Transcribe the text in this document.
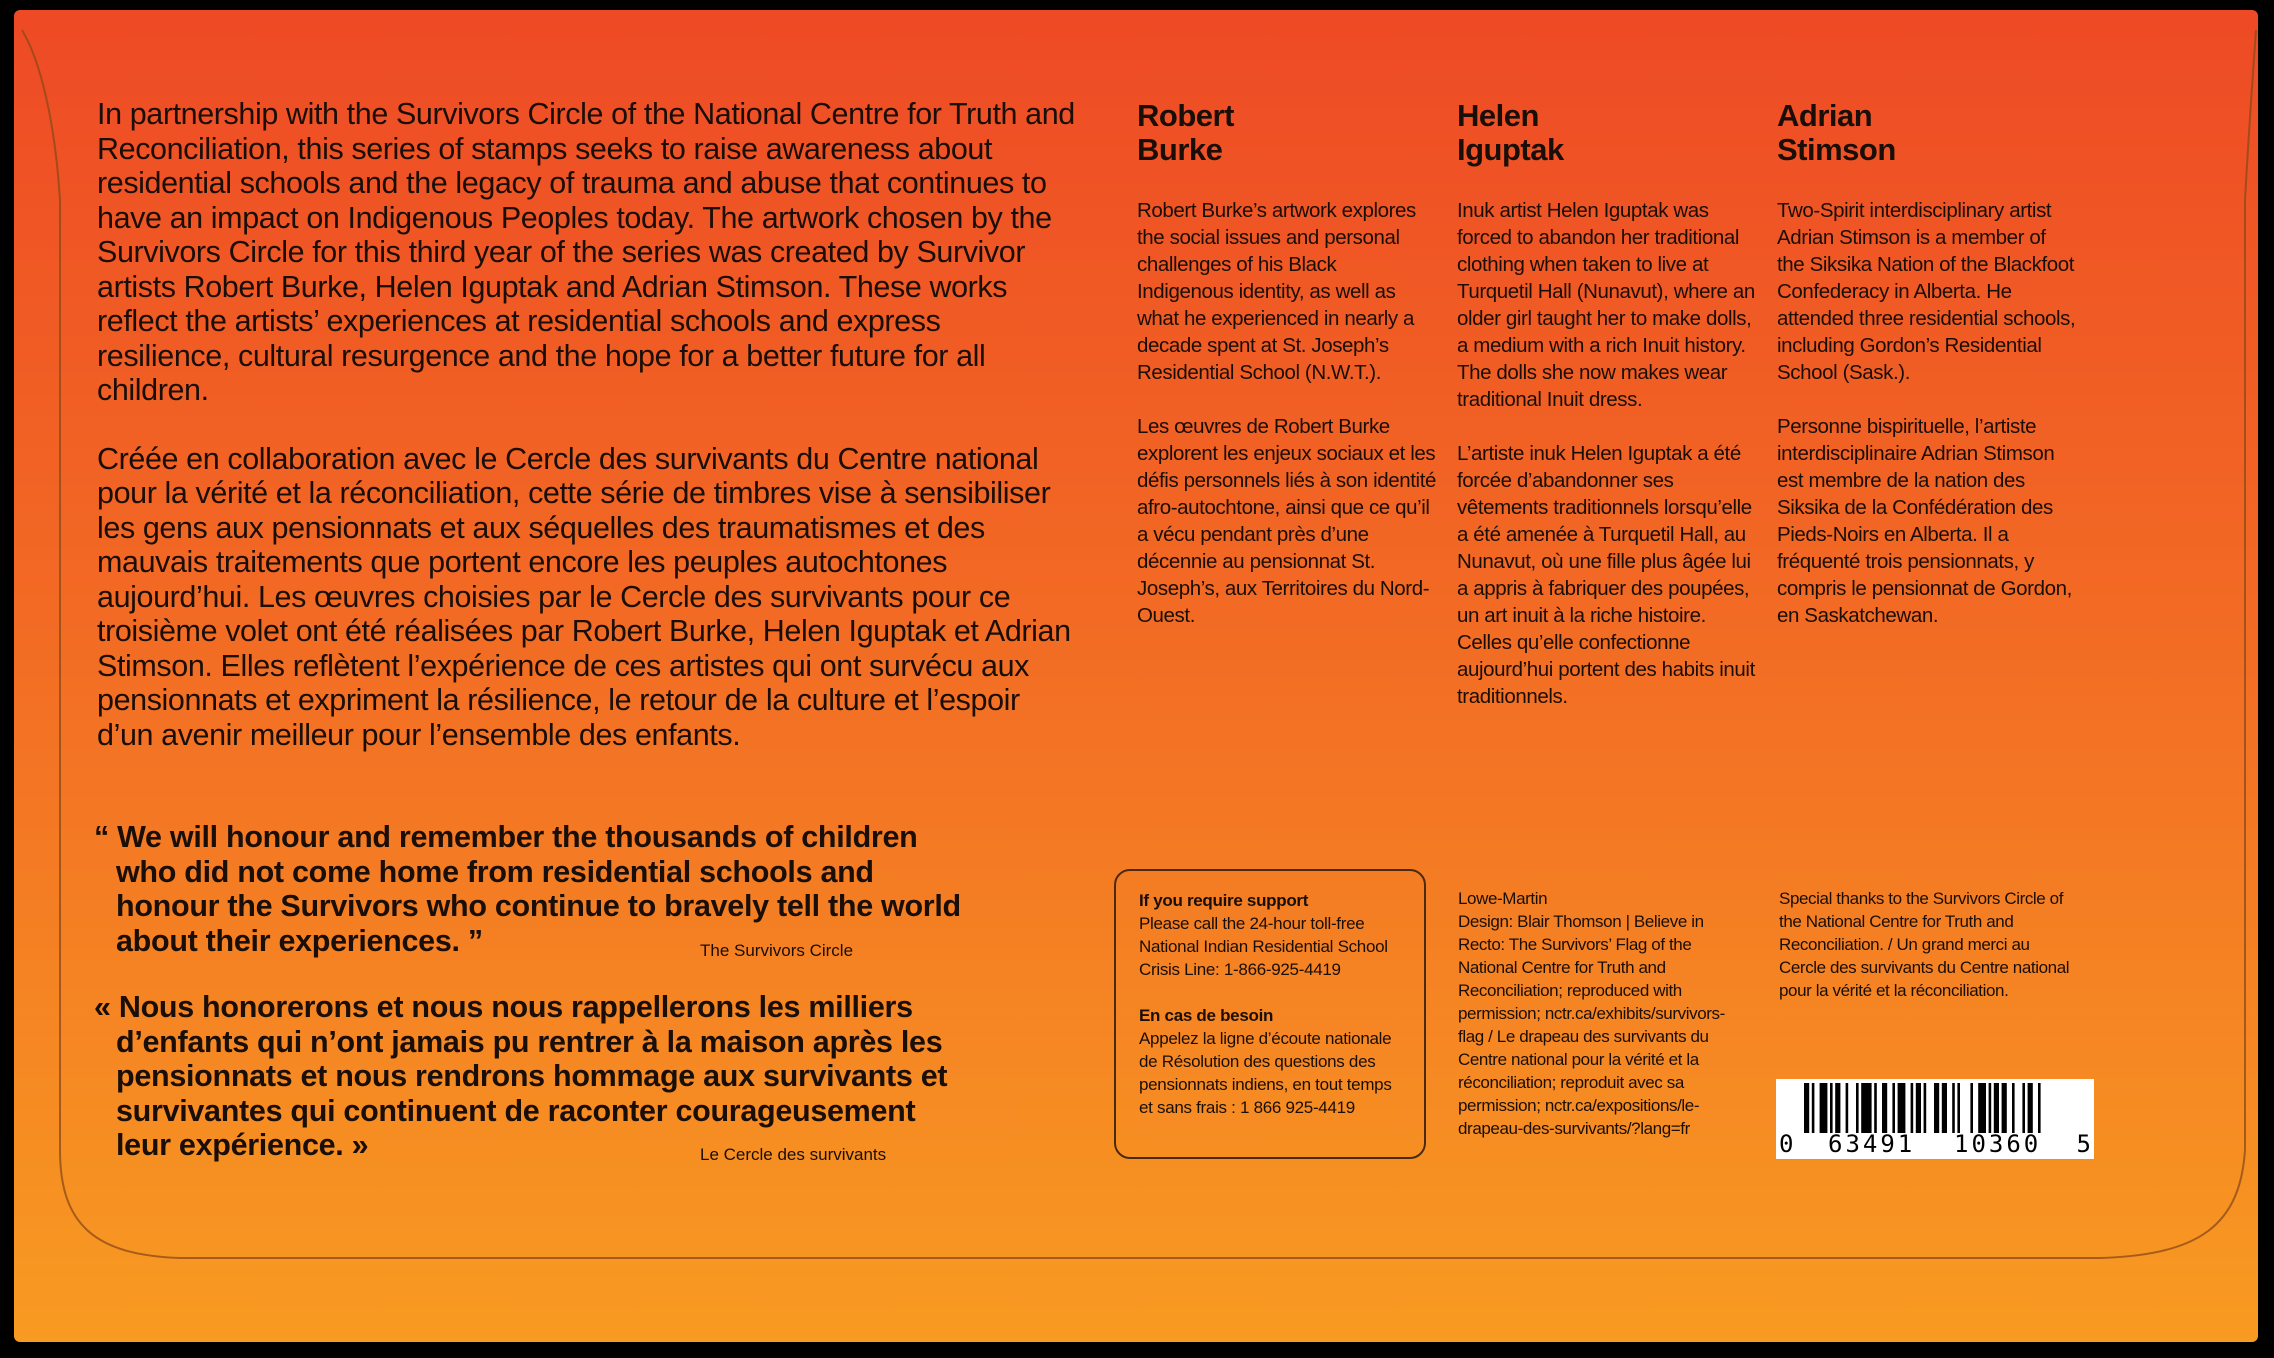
In partnership with the Survivors Circle of the National Centre for Truth and Reconciliation, this series of stamps seeks to raise awareness about residential schools and the legacy of trauma and abuse that continues to have an impact on Indigenous Peoples today. The artwork chosen by the Survivors Circle for this third year of the series was created by Survivor artists Robert Burke, Helen Iguptak and Adrian Stimson. These works reflect the artists’ experiences at residential schools and express resilience, cultural resurgence and the hope for a better future for all children.

Créée en collaboration avec le Cercle des survivants du Centre national pour la vérité et la réconciliation, cette série de timbres vise à sensibiliser les gens aux pensionnats et aux séquelles des traumatismes et des mauvais traitements que portent encore les peuples autochtones aujourd’hui. Les œuvres choisies par le Cercle des survivants pour ce troisième volet ont été réalisées par Robert Burke, Helen Iguptak et Adrian Stimson. Elles reflètent l’expérience de ces artistes qui ont survécu aux pensionnats et expriment la résilience, le retour de la culture et l’espoir d’un avenir meilleur pour l’ensemble des enfants.

“ We will honour and remember the thousands of children who did not come home from residential schools and honour the Survivors who continue to bravely tell the world about their experiences. ”	The Survivors Circle
« Nous honorerons et nous nous rappellerons les milliers d’enfants qui n’ont jamais pu rentrer à la maison après les pensionnats et nous rendrons hommage aux survivants et survivantes qui continuent de raconter courageusement leur expérience. »	Le Cercle des survivants
Robert
Burke

Robert Burke’s artwork explores the social issues and personal challenges of his Black Indigenous identity, as well as what he experienced in nearly a decade spent at St. Joseph’s Residential School (N.W.T.).

Les œuvres de Robert Burke explorent les enjeux sociaux et les défis personnels liés à son identité afro-autochtone, ainsi que ce qu’il a vécu pendant près d’une décennie au pensionnat St. Joseph’s, aux Territoires du Nord-Ouest.

Helen
Iguptak

Inuk artist Helen Iguptak was forced to abandon her traditional clothing when taken to live at Turquetil Hall (Nunavut), where an older girl taught her to make dolls, a medium with a rich Inuit history. The dolls she now makes wear traditional Inuit dress.

L’artiste inuk Helen Iguptak a été forcée d’abandonner ses vêtements traditionnels lorsqu’elle a été amenée à Turquetil Hall, au Nunavut, où une fille plus âgée lui a appris à fabriquer des poupées, un art inuit à la riche histoire. Celles qu’elle confectionne aujourd’hui portent des habits inuit traditionnels.

Adrian
Stimson

Two-Spirit interdisciplinary artist Adrian Stimson is a member of the Siksika Nation of the Blackfoot Confederacy in Alberta. He attended three residential schools, including Gordon’s Residential School (Sask.).

Personne bispirituelle, l’artiste interdisciplinaire Adrian Stimson est membre de la nation des Siksika de la Confédération des Pieds-Noirs en Alberta. Il a fréquenté trois pensionnats, y compris le pensionnat de Gordon, en Saskatchewan.

If you require support
Please call the 24-hour toll-free National Indian Residential School Crisis Line: 1-866-925-4419

En cas de besoin
Appelez la ligne d’écoute nationale de Résolution des questions des pensionnats indiens, en tout temps et sans frais : 1 866 925-4419

Lowe-Martin
Design: Blair Thomson | Believe in Recto: The Survivors’ Flag of the National Centre for Truth and Reconciliation; reproduced with permission; nctr.ca/exhibits/survivors-flag / Le drapeau des survivants du Centre national pour la vérité et la réconciliation; reproduit avec sa permission; nctr.ca/expositions/le-drapeau-des-survivants/?lang=fr
Special thanks to the Survivors Circle of the National Centre for Truth and Reconciliation. / Un grand merci au Cercle des survivants du Centre national pour la vérité et la réconciliation.
0 63491 10360 5
